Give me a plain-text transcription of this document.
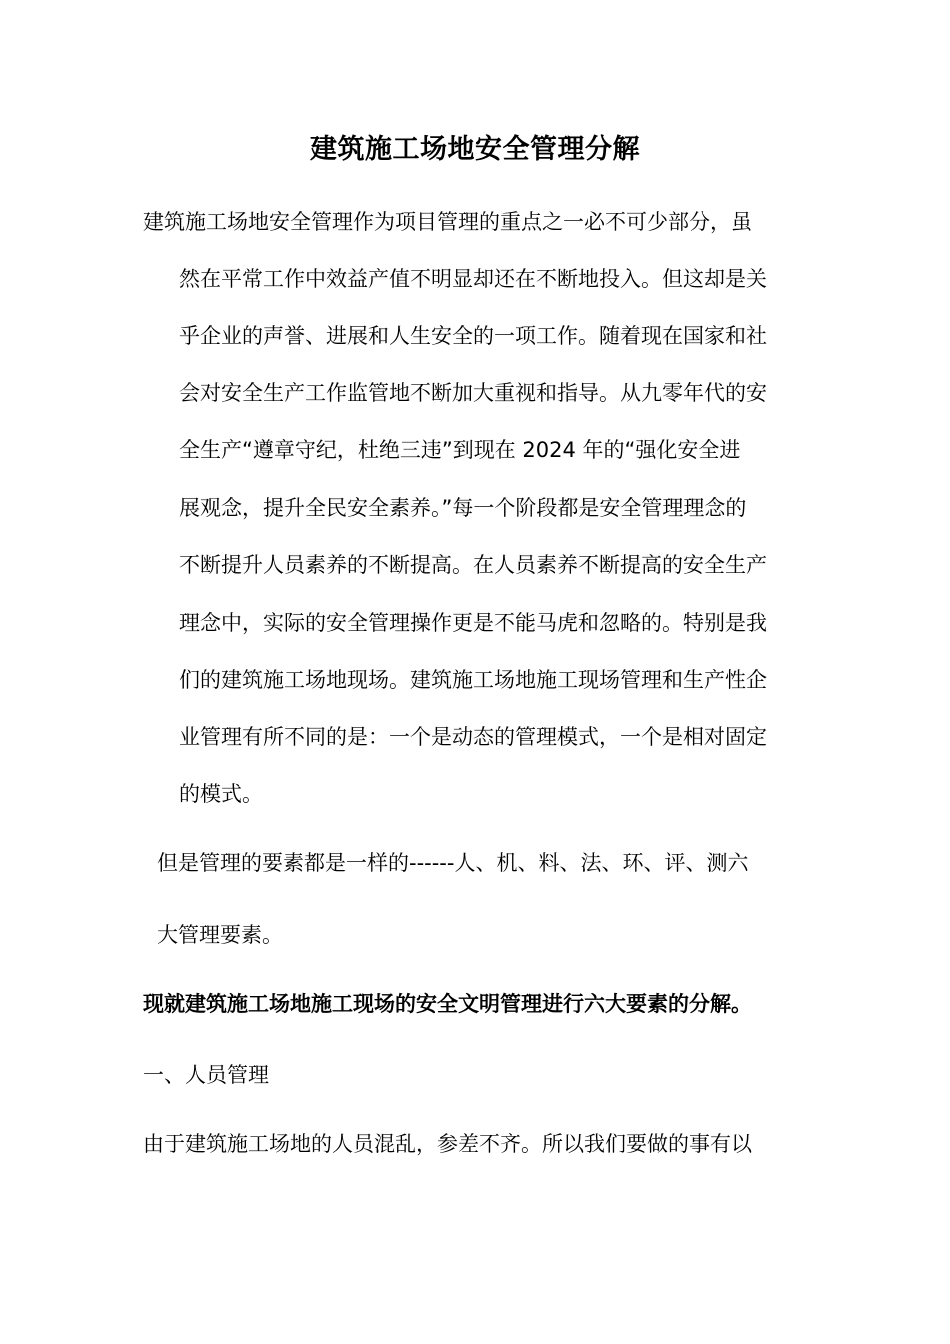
建筑施工场地安全管理分解
建筑施工场地安全管理作为项目管理的重点之一必不可少部分，虽
然在平常工作中效益产值不明显却还在不断地投入。但这却是关
乎企业的声誉、进展和人生安全的一项工作。随着现在国家和社
会对安全生产工作监管地不断加大重视和指导。从九零年代的安
全生产“遵章守纪，杜绝三违”到现在 2024 年的“强化安全进
展观念，提升全民安全素养。”每一个阶段都是安全管理理念的
不断提升人员素养的不断提高。在人员素养不断提高的安全生产
理念中，实际的安全管理操作更是不能马虎和忽略的。特别是我
们的建筑施工场地现场。建筑施工场地施工现场管理和生产性企
业管理有所不同的是：一个是动态的管理模式，一个是相对固定
的模式。
但是管理的要素都是一样的------人、机、料、法、环、评、测六
大管理要素。
现就建筑施工场地施工现场的安全文明管理进行六大要素的分解。
一、人员管理
由于建筑施工场地的人员混乱，参差不齐。所以我们要做的事有以
